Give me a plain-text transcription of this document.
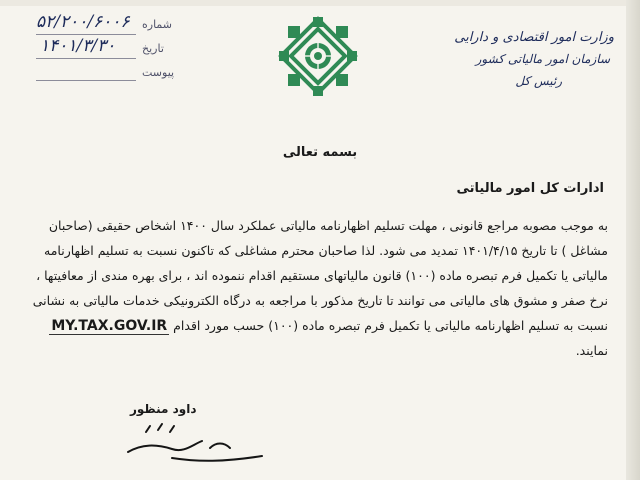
وزارت امور اقتصادی و دارایی
سازمان امور مالیاتی کشور
رئیس کل
شماره
۵۲/۲۰۰/۶۰۰۶
تاریخ
۱۴۰۱/۳/۳۰
پیوست
بسمه تعالی
ادارات کل امور مالیاتی
به موجب مصوبه مراجع قانونی ، مهلت تسلیم اظهارنامه مالیاتی عملکرد سال ۱۴۰۰ اشخاص حقیقی (صاحبان
مشاغل ) تا تاریخ ۱۴۰۱/۴/۱۵ تمدید می شود. لذا صاحبان محترم مشاغلی که تاکنون نسبت به تسلیم اظهارنامه
مالیاتی یا تکمیل فرم تبصره ماده (۱۰۰) قانون مالیاتهای مستقیم اقدام ننموده اند ، برای بهره مندی از معافیتها ،
نرخ صفر و مشوق های مالیاتی می توانند تا تاریخ مذکور با مراجعه به درگاه الکترونیکی خدمات مالیاتی به نشانی
نسبت به تسلیم اظهارنامه مالیاتی یا تکمیل فرم تبصره ماده (۱۰۰) حسب مورد اقدام MY.TAX.GOV.IR
نمایند.
داود منظور
